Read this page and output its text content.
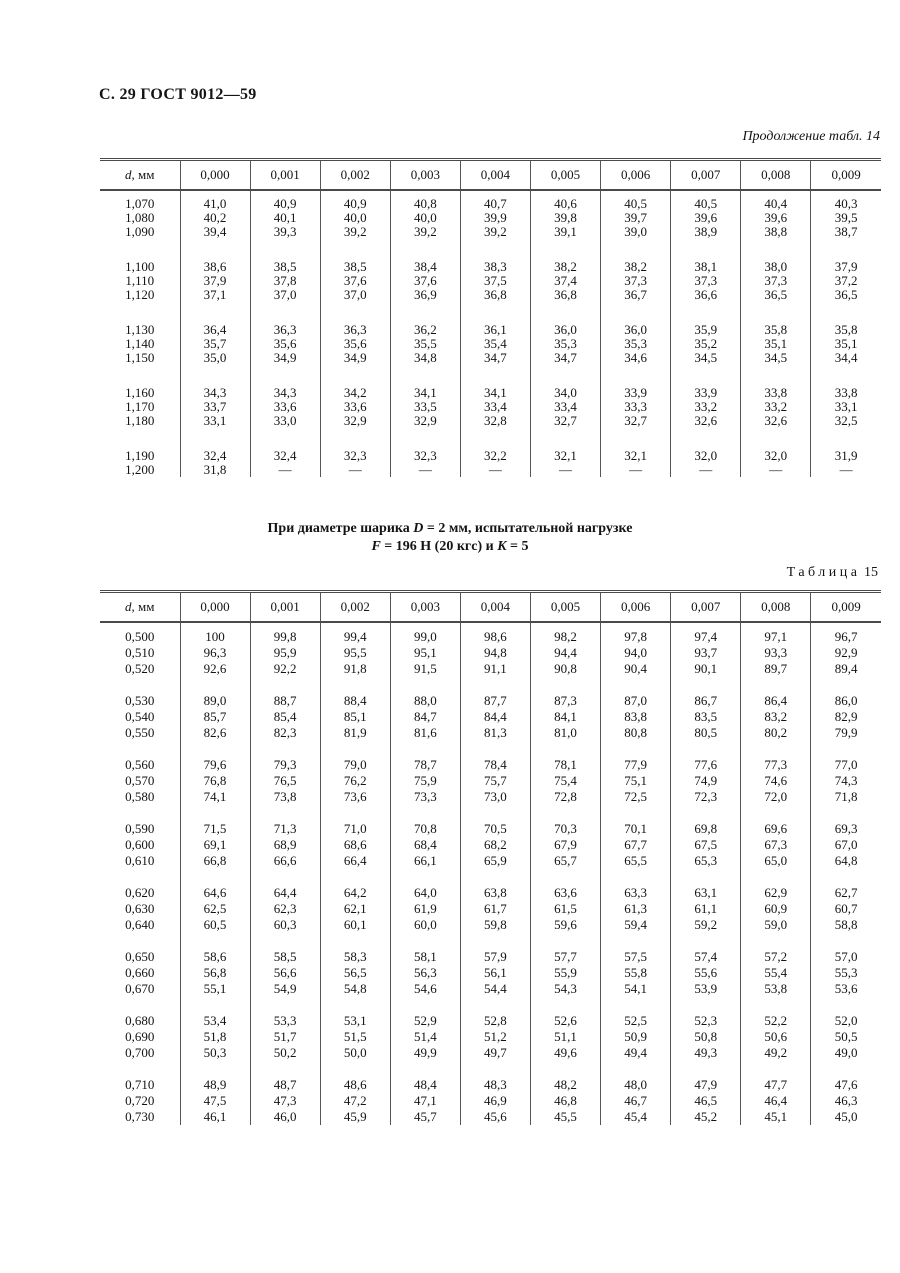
С. 29 ГОСТ 9012—59
Продолжение табл. 14
d, мм	0,000	0,001	0,002	0,003	0,004	0,005	0,006	0,007	0,008	0,009
1,070	41,0	40,9	40,9	40,8	40,7	40,6	40,5	40,5	40,4	40,3
1,080	40,2	40,1	40,0	40,0	39,9	39,8	39,7	39,6	39,6	39,5
1,090	39,4	39,3	39,2	39,2	39,2	39,1	39,0	38,9	38,8	38,7

1,100	38,6	38,5	38,5	38,4	38,3	38,2	38,2	38,1	38,0	37,9
1,110	37,9	37,8	37,6	37,6	37,5	37,4	37,3	37,3	37,3	37,2
1,120	37,1	37,0	37,0	36,9	36,8	36,8	36,7	36,6	36,5	36,5

1,130	36,4	36,3	36,3	36,2	36,1	36,0	36,0	35,9	35,8	35,8
1,140	35,7	35,6	35,6	35,5	35,4	35,3	35,3	35,2	35,1	35,1
1,150	35,0	34,9	34,9	34,8	34,7	34,7	34,6	34,5	34,5	34,4

1,160	34,3	34,3	34,2	34,1	34,1	34,0	33,9	33,9	33,8	33,8
1,170	33,7	33,6	33,6	33,5	33,4	33,4	33,3	33,2	33,2	33,1
1,180	33,1	33,0	32,9	32,9	32,8	32,7	32,7	32,6	32,6	32,5

1,190	32,4	32,4	32,3	32,3	32,2	32,1	32,1	32,0	32,0	31,9
1,200	31,8	—	—	—	—	—	—	—	—	—
При диаметре шарика D = 2 мм, испытательной нагрузке
F = 196 Н (20 кгс) и K = 5
Таблица 15
d, мм	0,000	0,001	0,002	0,003	0,004	0,005	0,006	0,007	0,008	0,009
0,500	100	99,8	99,4	99,0	98,6	98,2	97,8	97,4	97,1	96,7
0,510	96,3	95,9	95,5	95,1	94,8	94,4	94,0	93,7	93,3	92,9
0,520	92,6	92,2	91,8	91,5	91,1	90,8	90,4	90,1	89,7	89,4

0,530	89,0	88,7	88,4	88,0	87,7	87,3	87,0	86,7	86,4	86,0
0,540	85,7	85,4	85,1	84,7	84,4	84,1	83,8	83,5	83,2	82,9
0,550	82,6	82,3	81,9	81,6	81,3	81,0	80,8	80,5	80,2	79,9

0,560	79,6	79,3	79,0	78,7	78,4	78,1	77,9	77,6	77,3	77,0
0,570	76,8	76,5	76,2	75,9	75,7	75,4	75,1	74,9	74,6	74,3
0,580	74,1	73,8	73,6	73,3	73,0	72,8	72,5	72,3	72,0	71,8

0,590	71,5	71,3	71,0	70,8	70,5	70,3	70,1	69,8	69,6	69,3
0,600	69,1	68,9	68,6	68,4	68,2	67,9	67,7	67,5	67,3	67,0
0,610	66,8	66,6	66,4	66,1	65,9	65,7	65,5	65,3	65,0	64,8

0,620	64,6	64,4	64,2	64,0	63,8	63,6	63,3	63,1	62,9	62,7
0,630	62,5	62,3	62,1	61,9	61,7	61,5	61,3	61,1	60,9	60,7
0,640	60,5	60,3	60,1	60,0	59,8	59,6	59,4	59,2	59,0	58,8

0,650	58,6	58,5	58,3	58,1	57,9	57,7	57,5	57,4	57,2	57,0
0,660	56,8	56,6	56,5	56,3	56,1	55,9	55,8	55,6	55,4	55,3
0,670	55,1	54,9	54,8	54,6	54,4	54,3	54,1	53,9	53,8	53,6

0,680	53,4	53,3	53,1	52,9	52,8	52,6	52,5	52,3	52,2	52,0
0,690	51,8	51,7	51,5	51,4	51,2	51,1	50,9	50,8	50,6	50,5
0,700	50,3	50,2	50,0	49,9	49,7	49,6	49,4	49,3	49,2	49,0

0,710	48,9	48,7	48,6	48,4	48,3	48,2	48,0	47,9	47,7	47,6
0,720	47,5	47,3	47,2	47,1	46,9	46,8	46,7	46,5	46,4	46,3
0,730	46,1	46,0	45,9	45,7	45,6	45,5	45,4	45,2	45,1	45,0
